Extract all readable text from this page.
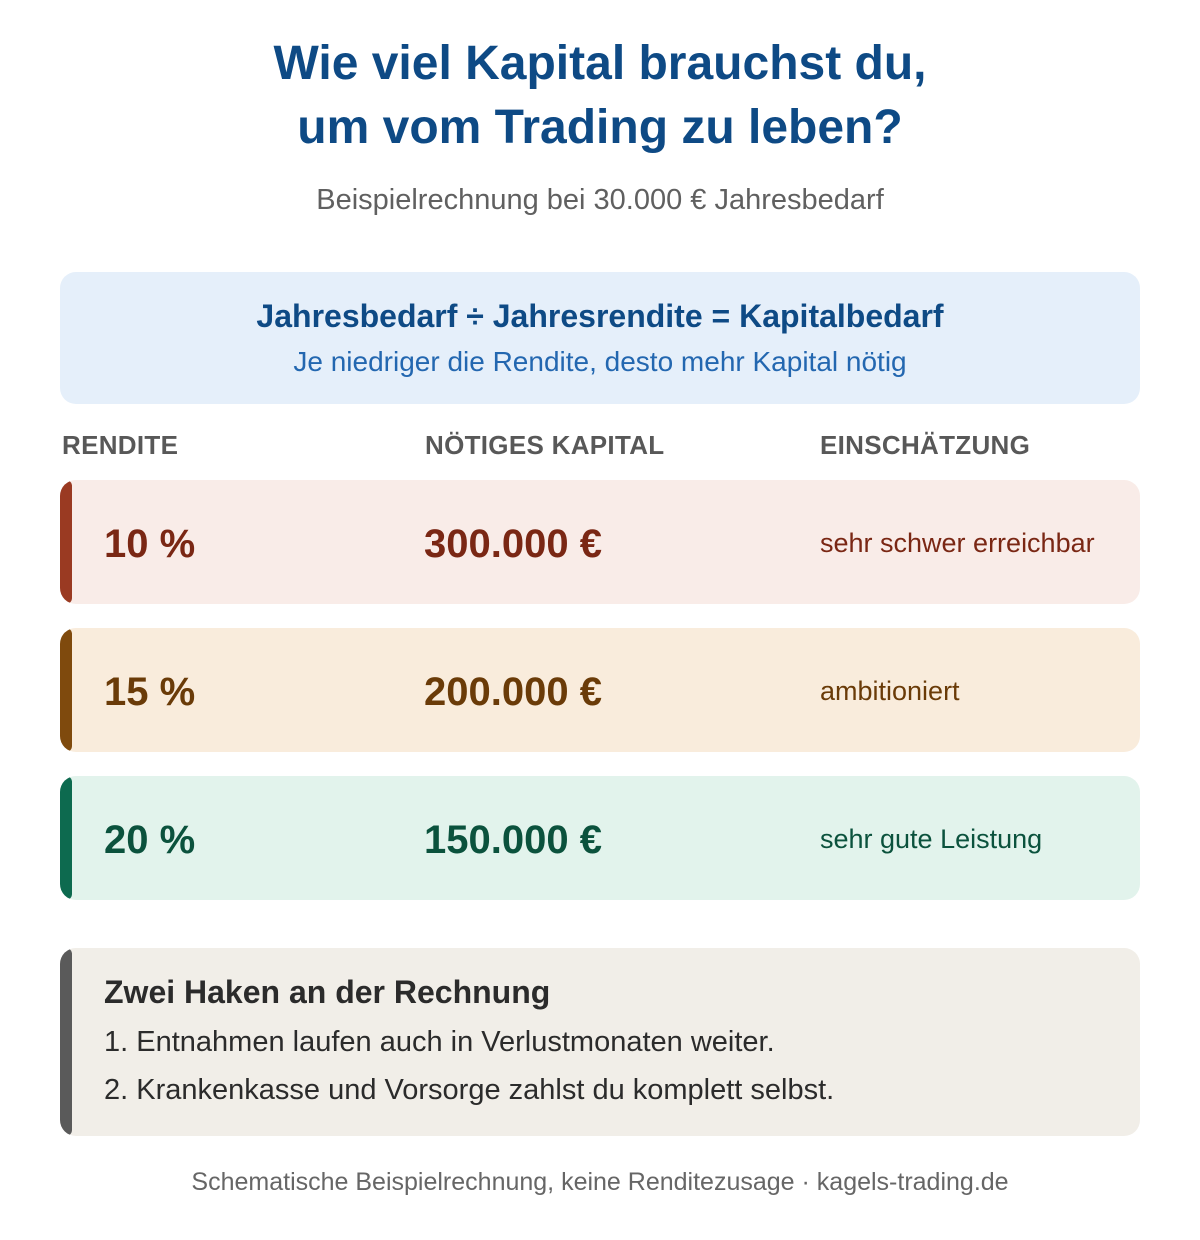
Wie viel Kapital brauchst du,
um vom Trading zu leben?
Beispielrechnung bei 30.000 € Jahresbedarf
Jahresbedarf ÷ Jahresrendite = Kapitalbedarf
Je niedriger die Rendite, desto mehr Kapital nötig
RENDITE	NÖTIGES KAPITAL	EINSCHÄTZUNG
10 %	300.000 €	sehr schwer erreichbar
15 %	200.000 €	ambitioniert
20 %	150.000 €	sehr gute Leistung
Zwei Haken an der Rechnung
1. Entnahmen laufen auch in Verlustmonaten weiter.
2. Krankenkasse und Vorsorge zahlst du komplett selbst.
Schematische Beispielrechnung, keine Renditezusage · kagels-trading.de
